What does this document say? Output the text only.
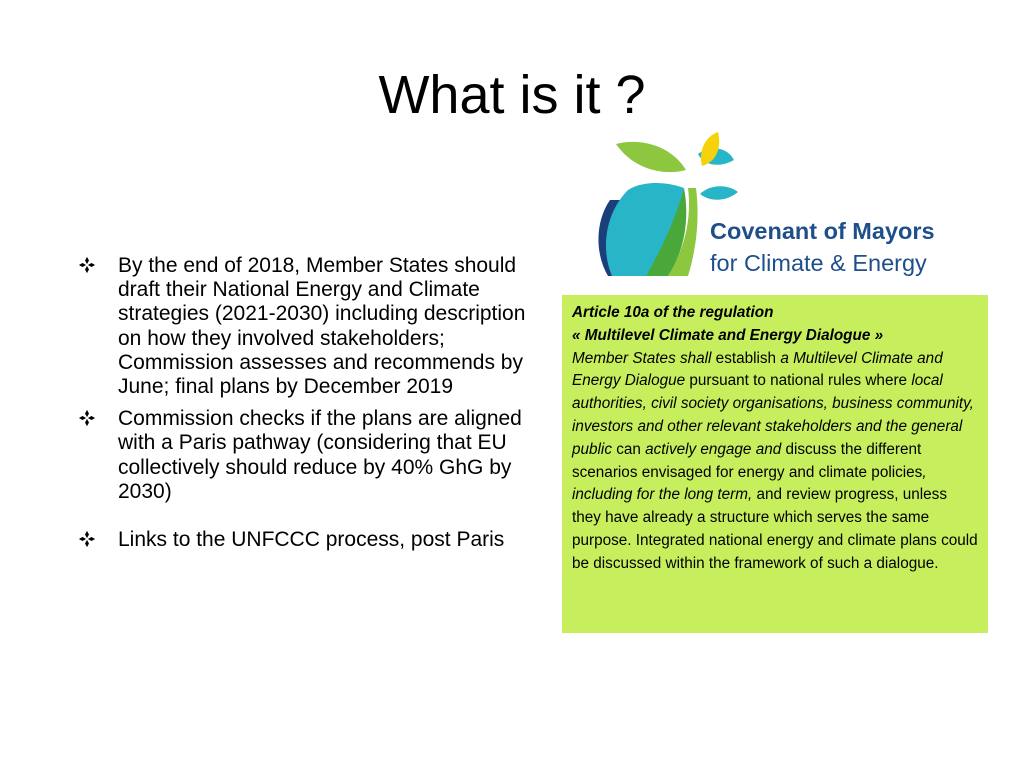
What is it ?
By the end of 2018, Member States should draft their National Energy and Climate strategies (2021-2030) including description on how they involved stakeholders; Commission assesses and recommends by June; final plans by December 2019
Commission checks if the plans are aligned with a Paris pathway (considering that EU collectively should reduce by 40% GhG by 2030)
Links to the UNFCCC process, post Paris
Covenant of Mayors
for Climate & Energy
Article 10a of the regulation
« Multilevel Climate and Energy Dialogue »
Member States shall establish a Multilevel Climate and Energy Dialogue pursuant to national rules where local authorities, civil society organisations, business community, investors and other relevant stakeholders and the general public can actively engage and discuss the different scenarios envisaged for energy and climate policies, including for the long term, and review progress, unless they have already a structure which serves the same purpose. Integrated national energy and climate plans could be discussed within the framework of such a dialogue.
